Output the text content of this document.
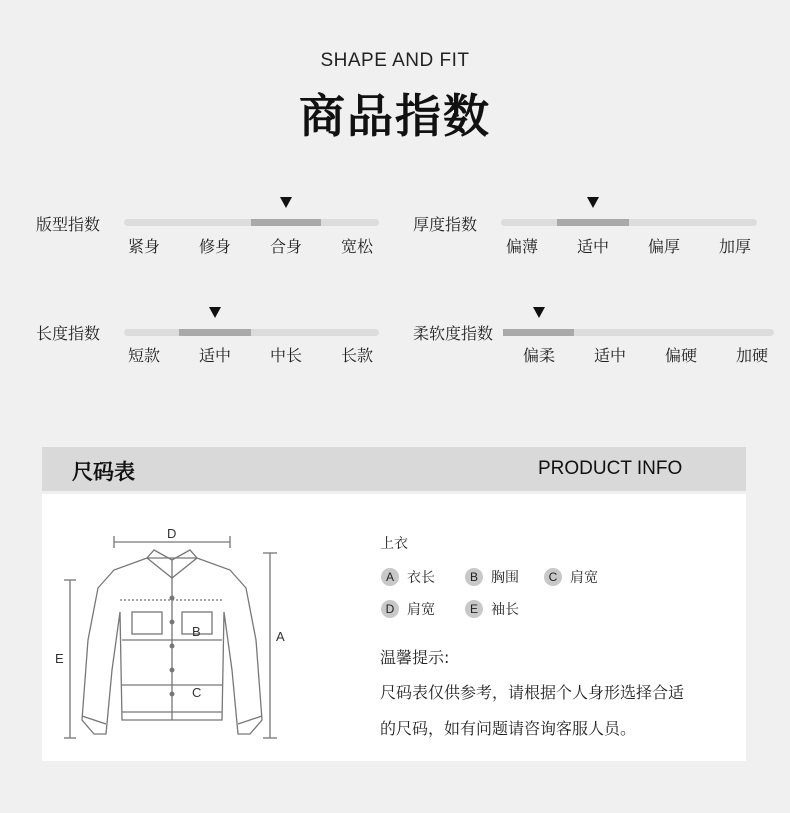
SHAPE AND FIT
商品指数
版型指数
紧身	修身	合身	宽松
厚度指数
偏薄	适中	偏厚	加厚
长度指数
短款	适中	中长	长款
柔软度指数
偏柔	适中	偏硬	加硬
尺码表	PRODUCT INFO
D
B
C
A
E
上衣
A 衣长	B 胸围	C 肩宽
D 肩宽	E 袖长
温馨提示:
尺码表仅供参考，请根据个人身形选择合适
的尺码，如有问题请咨询客服人员。
